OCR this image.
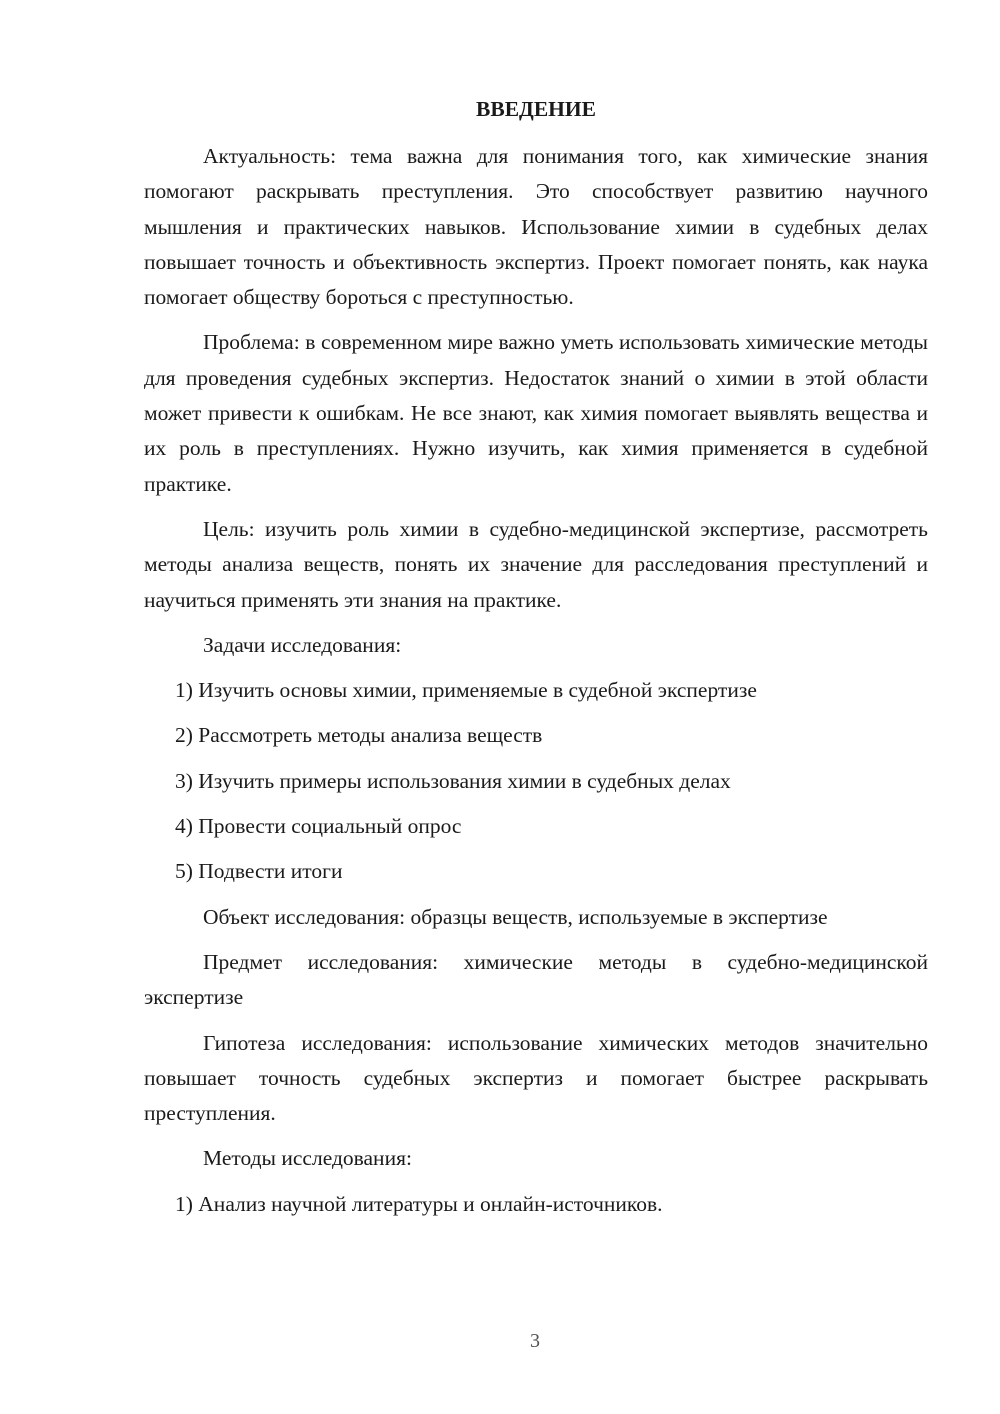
ВВЕДЕНИЕ

Актуальность: тема важна для понимания того, как химические знания помогают раскрывать преступления. Это способствует развитию научного мышления и практических навыков. Использование химии в судебных делах повышает точность и объективность экспертиз. Проект помогает понять, как наука помогает обществу бороться с преступностью.

Проблема: в современном мире важно уметь использовать химические методы для проведения судебных экспертиз. Недостаток знаний о химии в этой области может привести к ошибкам. Не все знают, как химия помогает выявлять вещества и их роль в преступлениях. Нужно изучить, как химия применяется в судебной практике.

Цель: изучить роль химии в судебно-медицинской экспертизе, рассмотреть методы анализа веществ, понять их значение для расследования преступлений и научиться применять эти знания на практике.

Задачи исследования:

1) Изучить основы химии, применяемые в судебной экспертизе
2) Рассмотреть методы анализа веществ
3) Изучить примеры использования химии в судебных делах
4) Провести социальный опрос
5) Подвести итоги

Объект исследования: образцы веществ, используемые в экспертизе

Предмет исследования: химические методы в судебно-медицинской экспертизе

Гипотеза исследования: использование химических методов значительно повышает точность судебных экспертиз и помогает быстрее раскрывать преступления.

Методы исследования:

1) Анализ научной литературы и онлайн-источников.
3
